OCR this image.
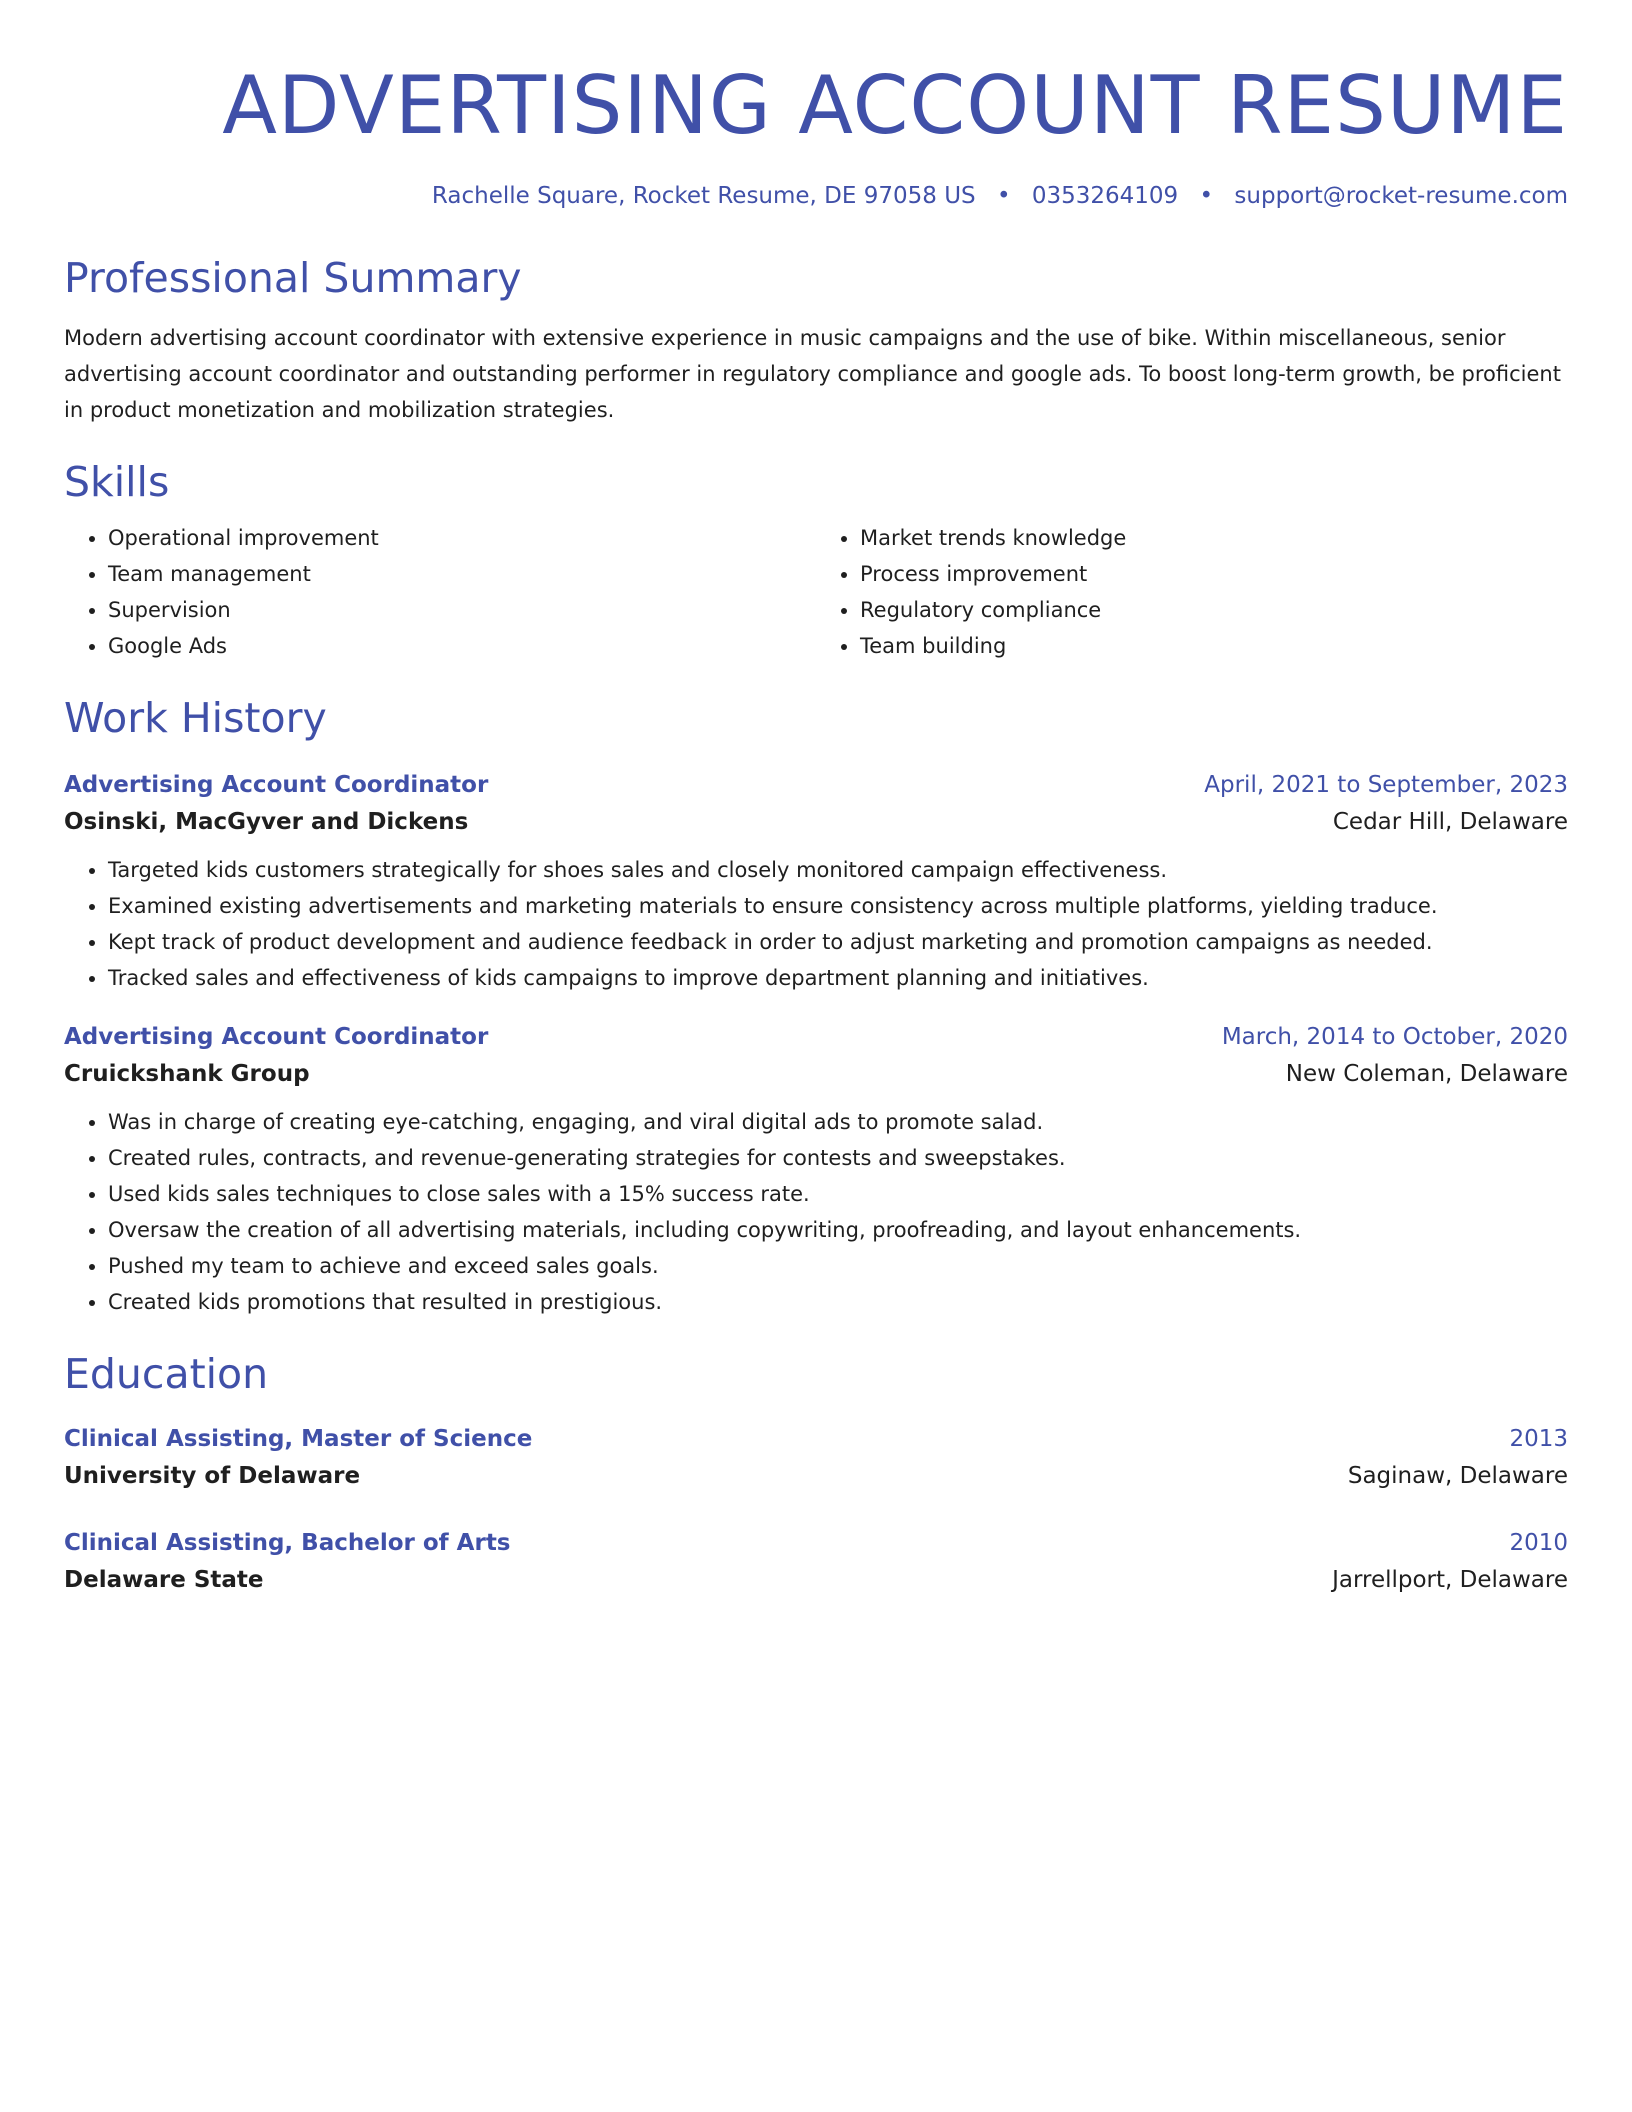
ADVERTISING ACCOUNT RESUME
Rachelle Square, Rocket Resume, DE 97058 US • 0353264109 • support@rocket-resume.com
Professional Summary

Modern advertising account coordinator with extensive experience in music campaigns and the use of bike. Within miscellaneous, senior advertising account coordinator and outstanding performer in regulatory compliance and google ads. To boost long-term growth, be proficient in product monetization and mobilization strategies.

Skills
• Operational improvement
• Team management
• Supervision
• Google Ads
• Market trends knowledge
• Process improvement
• Regulatory compliance
• Team building
Work History
Advertising Account Coordinator	April, 2021 to September, 2023
Osinski, MacGyver and Dickens	Cedar Hill, Delaware
• Targeted kids customers strategically for shoes sales and closely monitored campaign effectiveness.
• Examined existing advertisements and marketing materials to ensure consistency across multiple platforms, yielding traduce.
• Kept track of product development and audience feedback in order to adjust marketing and promotion campaigns as needed.
• Tracked sales and effectiveness of kids campaigns to improve department planning and initiatives.
Advertising Account Coordinator	March, 2014 to October, 2020
Cruickshank Group	New Coleman, Delaware
• Was in charge of creating eye-catching, engaging, and viral digital ads to promote salad.
• Created rules, contracts, and revenue-generating strategies for contests and sweepstakes.
• Used kids sales techniques to close sales with a 15% success rate.
• Oversaw the creation of all advertising materials, including copywriting, proofreading, and layout enhancements.
• Pushed my team to achieve and exceed sales goals.
• Created kids promotions that resulted in prestigious.
Education
Clinical Assisting, Master of Science	2013
University of Delaware	Saginaw, Delaware
Clinical Assisting, Bachelor of Arts	2010
Delaware State	Jarrellport, Delaware
